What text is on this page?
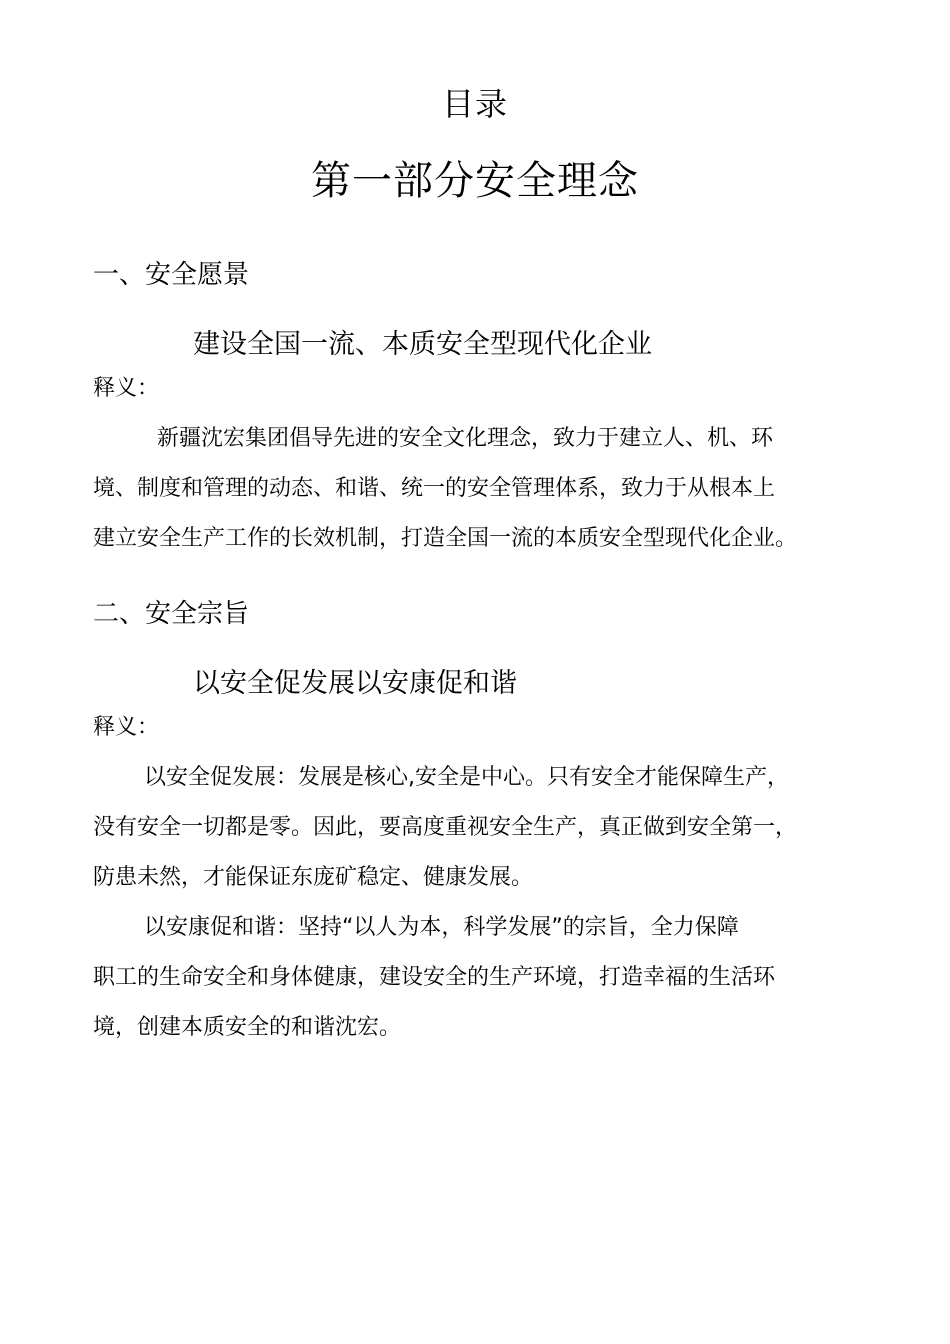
目录
第一部分安全理念
一、安全愿景
建设全国一流、本质安全型现代化企业
释义：
新疆沈宏集团倡导先进的安全文化理念，致力于建立人、机、环
境、制度和管理的动态、和谐、统一的安全管理体系，致力于从根本上
建立安全生产工作的长效机制，打造全国一流的本质安全型现代化企业。
二、安全宗旨
以安全促发展以安康促和谐
释义：
以安全促发展：发展是核心,安全是中心。只有安全才能保障生产，
没有安全一切都是零。因此，要高度重视安全生产，真正做到安全第一，
防患未然，才能保证东庞矿稳定、健康发展。
以安康促和谐：坚持“以人为本，科学发展”的宗旨，全力保障
职工的生命安全和身体健康，建设安全的生产环境，打造幸福的生活环
境，创建本质安全的和谐沈宏。
